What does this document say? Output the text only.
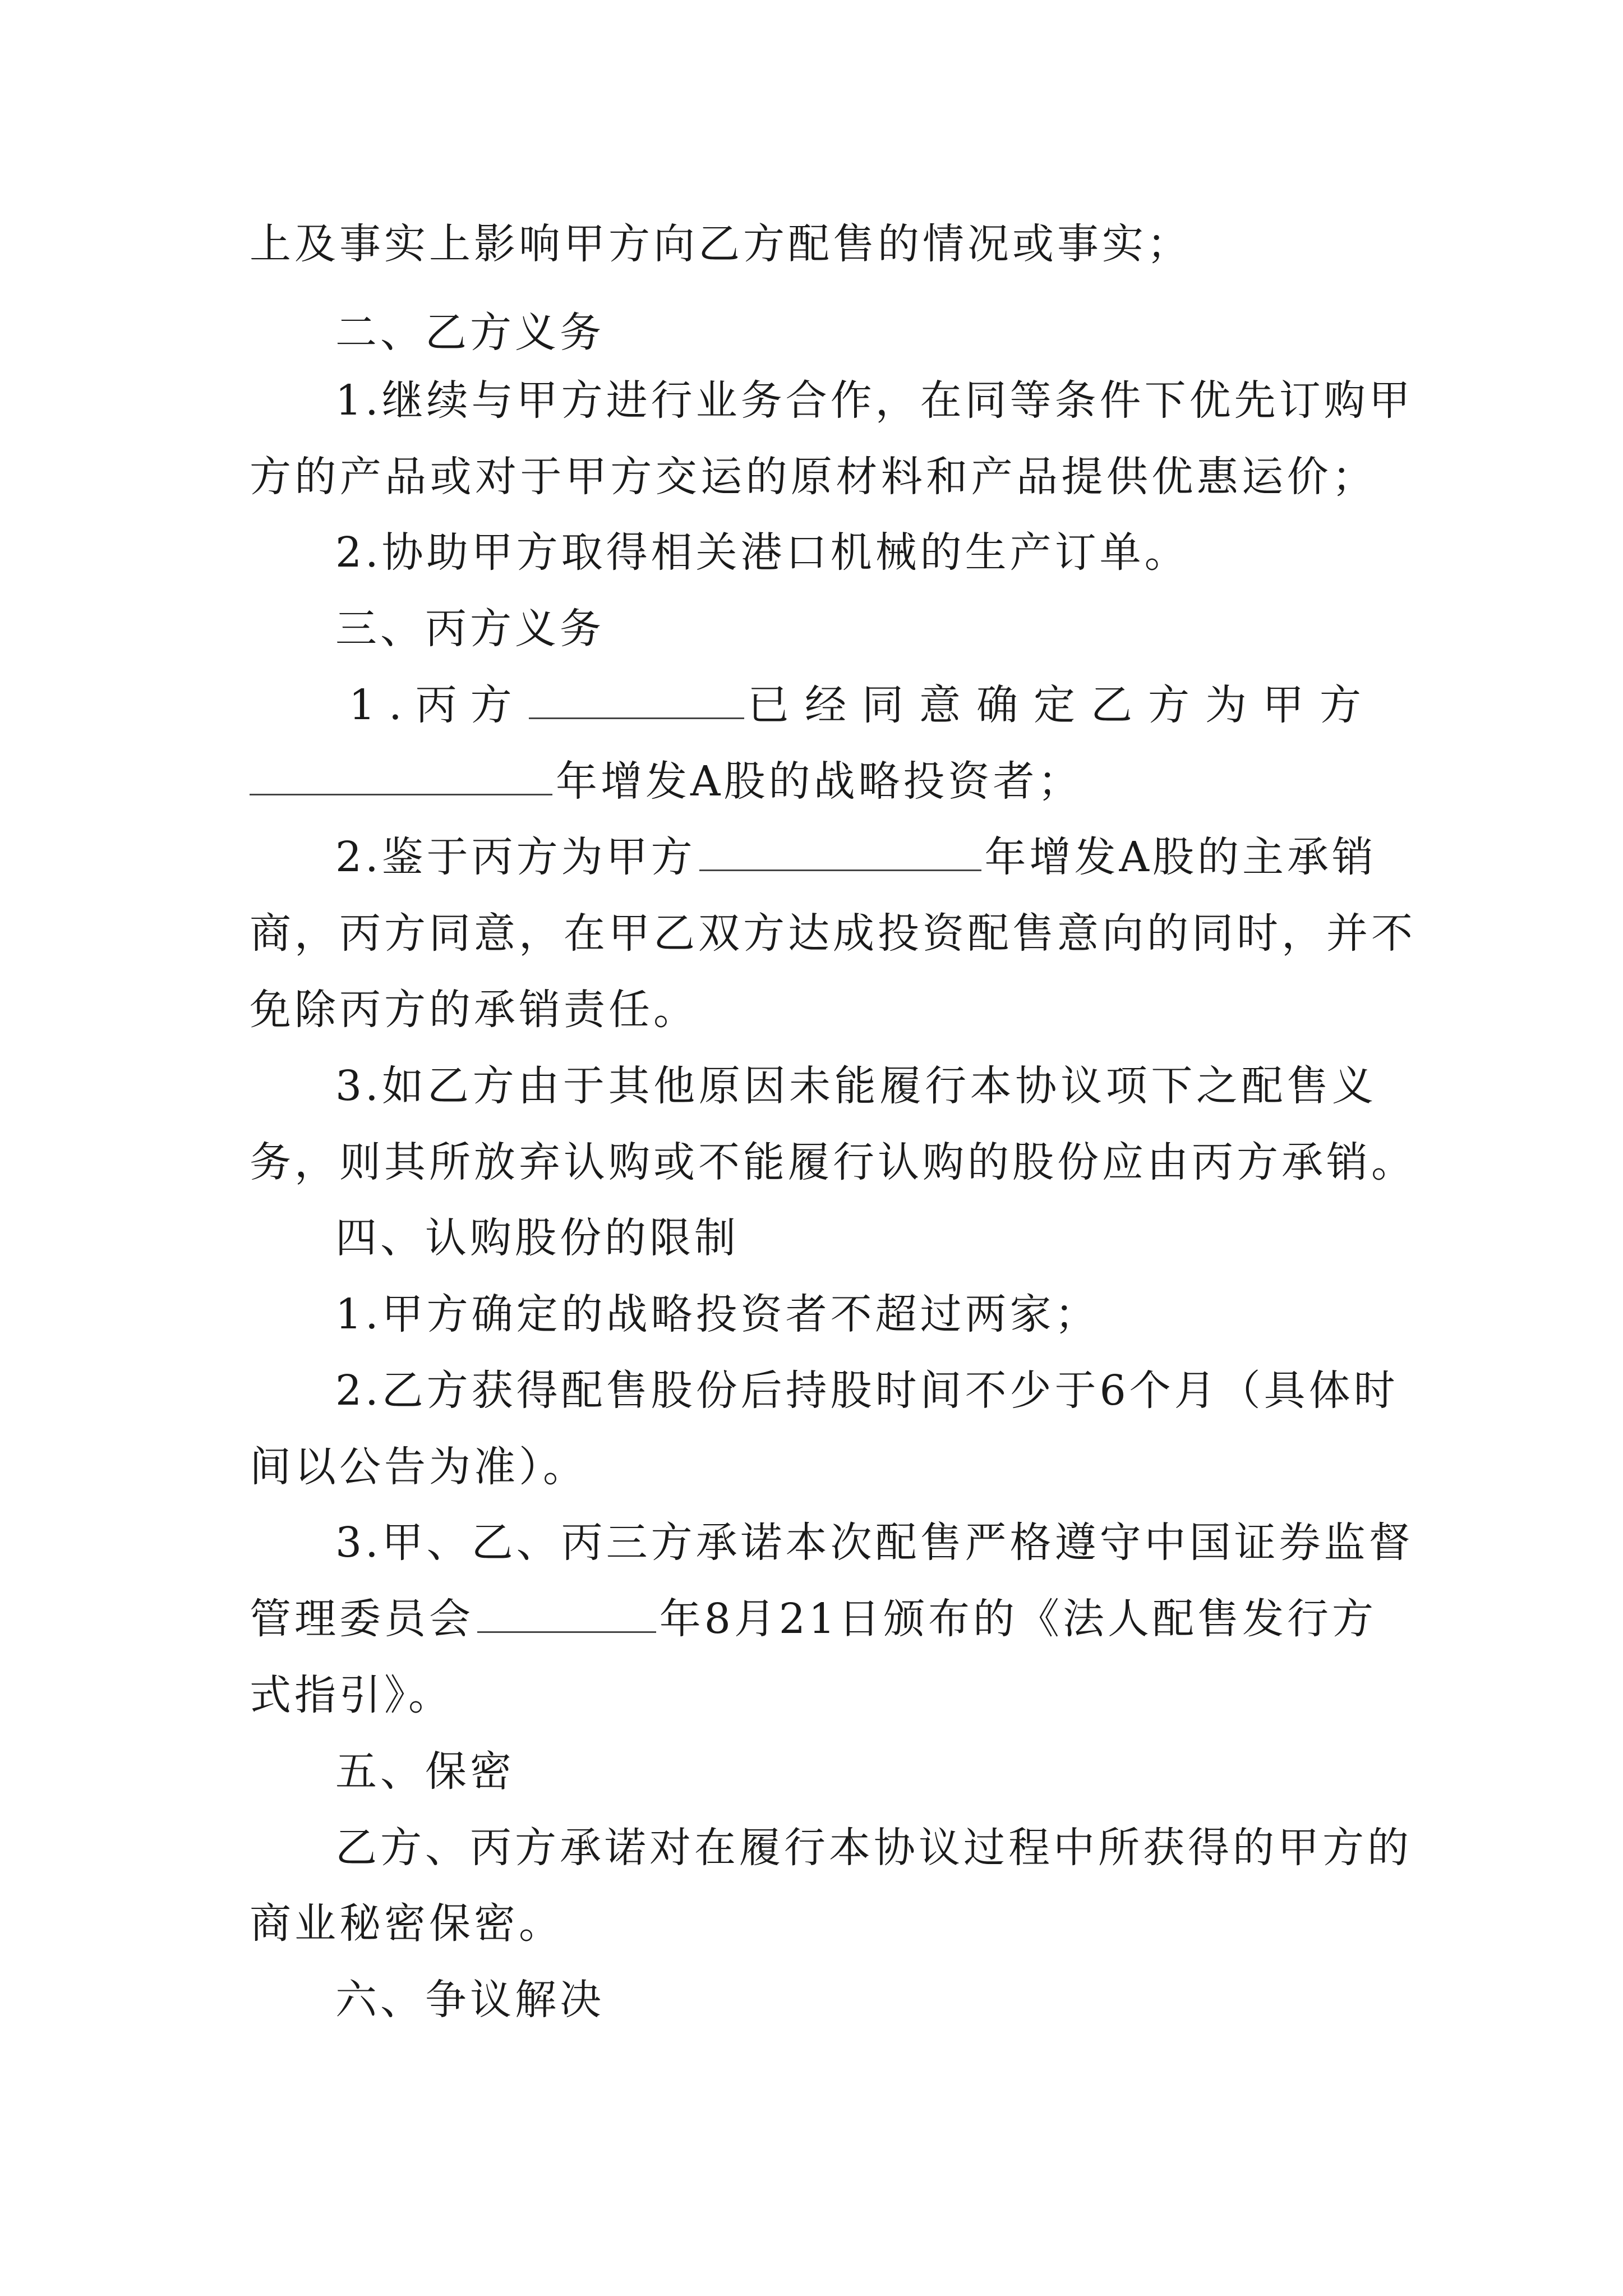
上及事实上影响甲方向乙方配售的情况或事实；
二、乙方义务
1.继续与甲方进行业务合作，在同等条件下优先订购甲
方的产品或对于甲方交运的原材料和产品提供优惠运价；
2.协助甲方取得相关港口机械的生产订单。
三、丙方义务
1.丙方	已经同意确定乙方为甲方
年增发A股的战略投资者；
2.鉴于丙方为甲方	年增发A股的主承销
商，丙方同意，在甲乙双方达成投资配售意向的同时，并不
免除丙方的承销责任。
3.如乙方由于其他原因未能履行本协议项下之配售义
务，则其所放弃认购或不能履行认购的股份应由丙方承销。
四、认购股份的限制
1.甲方确定的战略投资者不超过两家；
2.乙方获得配售股份后持股时间不少于6个月（具体时
间以公告为准）。
3.甲、乙、丙三方承诺本次配售严格遵守中国证券监督
管理委员会	年8月21日颁布的《法人配售发行方
式指引》。
五、保密
乙方、丙方承诺对在履行本协议过程中所获得的甲方的
商业秘密保密。
六、争议解决
